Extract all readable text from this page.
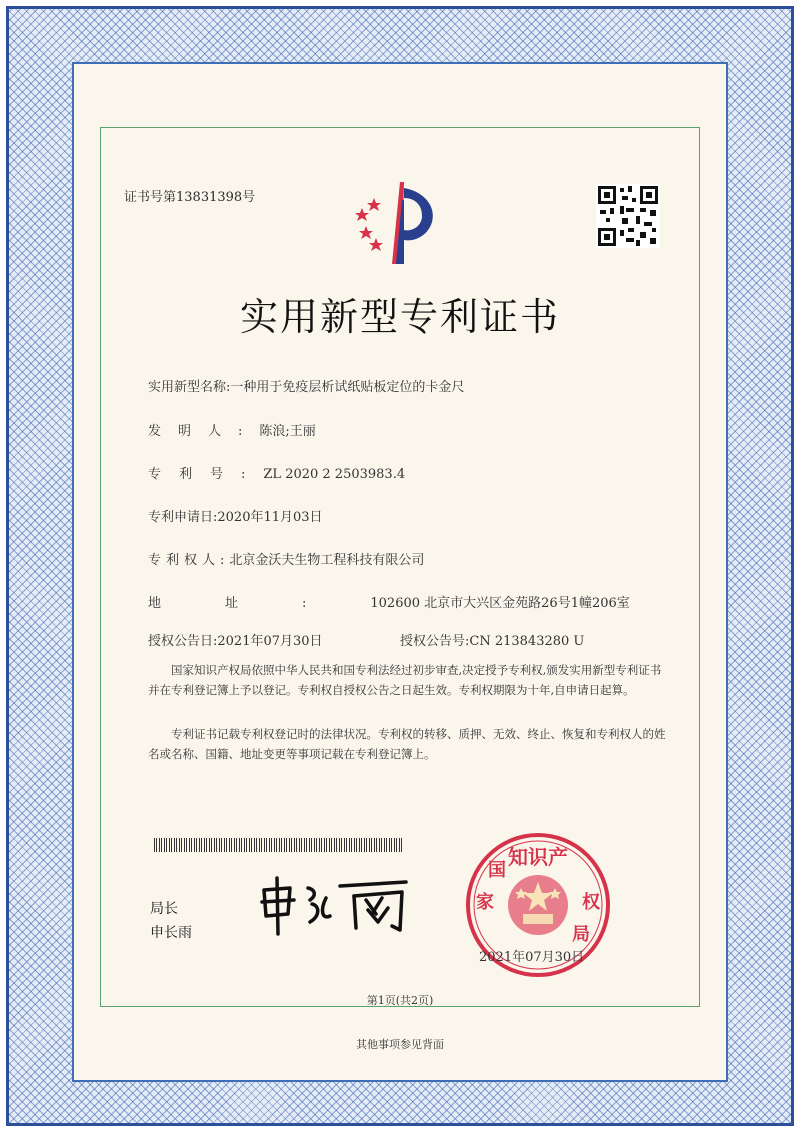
证书号第13831398号
实用新型专利证书
实用新型名称:一种用于免疫层析试纸贴板定位的卡金尺
发明人:陈浪;王丽
专利号:ZL 2020 2 2503983.4
专利申请日:2020年11月03日
专利权人:北京金沃夫生物工程科技有限公司
地址:102600 北京市大兴区金苑路26号1幢206室
授权公告日:2021年07月30日	授权公告号:CN 213843280 U
国家知识产权局依照中华人民共和国专利法经过初步审查,决定授予专利权,颁发实用新型专利证书并在专利登记簿上予以登记。专利权自授权公告之日起生效。专利权期限为十年,自申请日起算。
专利证书记载专利权登记时的法律状况。专利权的转移、质押、无效、终止、恢复和专利权人的姓名或名称、国籍、地址变更等事项记载在专利登记簿上。
局长
申长雨
知识产
家	权
国
局
2021年07月30日
第1页(共2页)
其他事项参见背面
